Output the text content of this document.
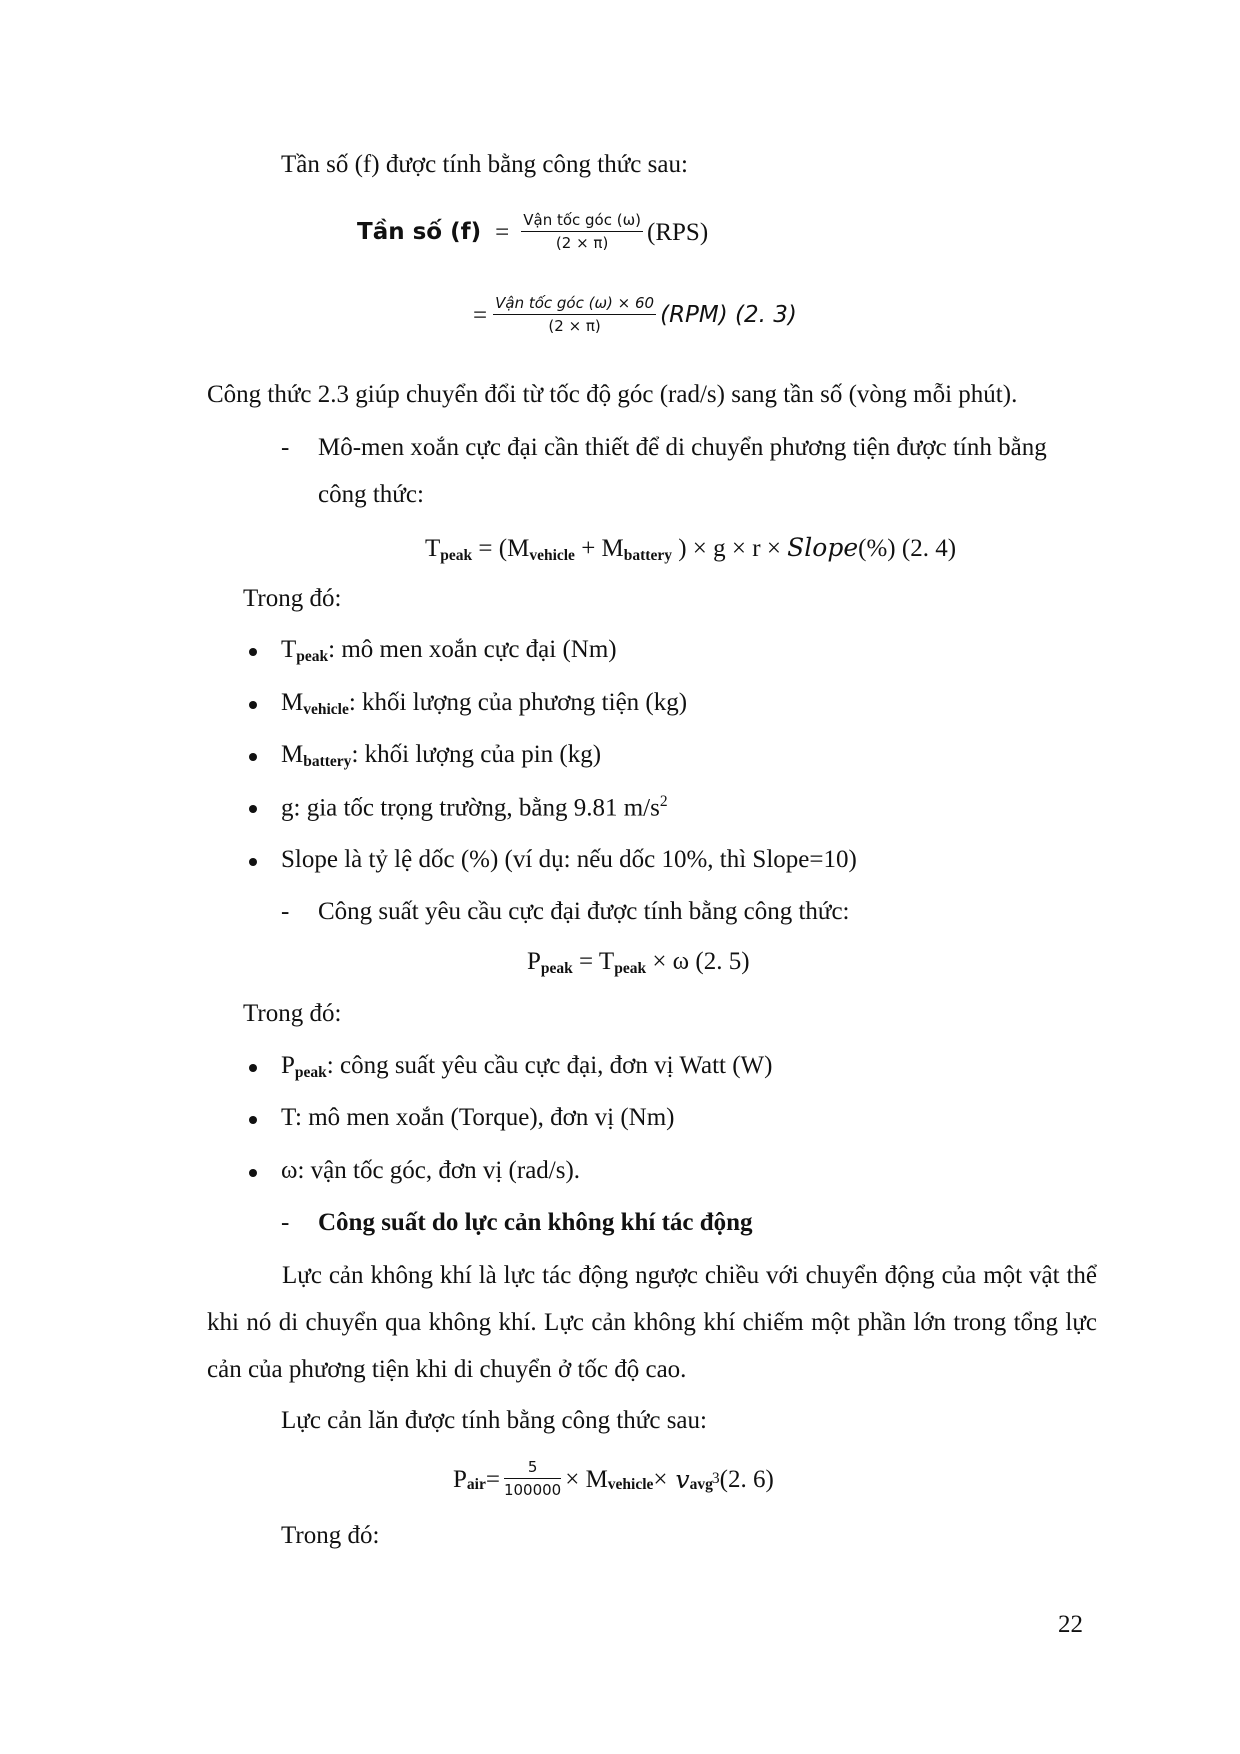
Tần số (f) được tính bằng công thức sau:
Tần số $(f) = \frac{\text{Vận tốc góc (ω)}}{(2 \times \pi)} (RPS)$
= $\frac{\text{Vận tốc góc (ω) × 60}}{(2 \times \pi)} (RPM)$ (2. 3)
Công thức 2.3 giúp chuyển đổi từ tốc độ góc (rad/s) sang tần số (vòng mỗi phút).
- Mô-men xoắn cực đại cần thiết để di chuyển phương tiện được tính bằng
công thức:
$T_{peak} = (M_{vehicle} + M_{battery}$ ) × g × r × Slope(%) (2. 4)
Trong đó:
$T_{peak}$: mô men xoắn cực đại (Nm)
$M_{vehicle}$: khối lượng của phương tiện (kg)
$M_{battery}$: khối lượng của pin (kg)
g: gia tốc trọng trường, bằng 9.81 $m/s^2$
Slope là tỷ lệ dốc (%) (ví dụ: nếu dốc 10%, thì Slope=10)
- Công suất yêu cầu cực đại được tính bằng công thức:
$P_{peak} = T_{peak} \times \omega$ (2. 5)
Trong đó:
$P_{peak}$: công suất yêu cầu cực đại, đơn vị Watt (W)
T: mô men xoắn (Torque), đơn vị (Nm)
ω: vận tốc góc, đơn vị (rad/s).
- Công suất do lực cản không khí tác động
Lực cản không khí là lực tác động ngược chiều với chuyển động của một vật thể khi nó di chuyển qua không khí. Lực cản không khí chiếm một phần lớn trong tổng lực cản của phương tiện khi di chuyển ở tốc độ cao.
Lực cản lăn được tính bằng công thức sau:
$P_{air} = \frac{5}{100000} \times M_{vehicle} \times v_{avg}^3$ (2. 6)
Trong đó:
22
